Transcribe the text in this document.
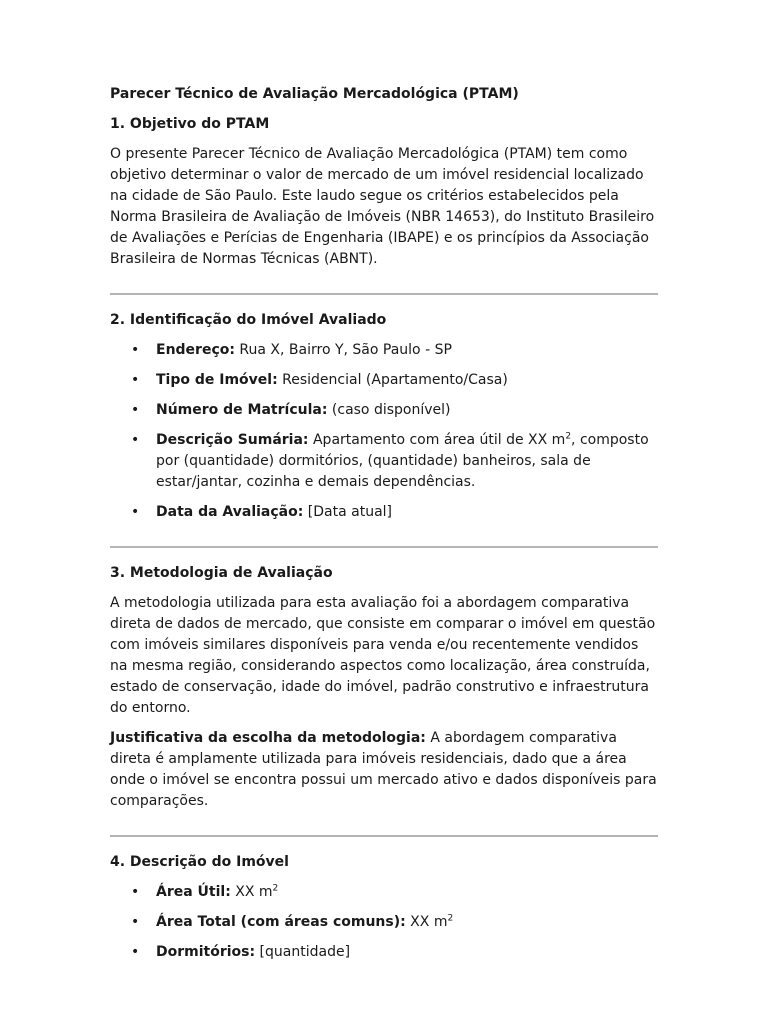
Parecer Técnico de Avaliação Mercadológica (PTAM)

1. Objetivo do PTAM

O presente Parecer Técnico de Avaliação Mercadológica (PTAM) tem como objetivo determinar o valor de mercado de um imóvel residencial localizado na cidade de São Paulo. Este laudo segue os critérios estabelecidos pela Norma Brasileira de Avaliação de Imóveis (NBR 14653), do Instituto Brasileiro de Avaliações e Perícias de Engenharia (IBAPE) e os princípios da Associação Brasileira de Normas Técnicas (ABNT).

2. Identificação do Imóvel Avaliado

• Endereço: Rua X, Bairro Y, São Paulo - SP
• Tipo de Imóvel: Residencial (Apartamento/Casa)
• Número de Matrícula: (caso disponível)
• Descrição Sumária: Apartamento com área útil de XX $m^2$, composto por (quantidade) dormitórios, (quantidade) banheiros, sala de estar/jantar, cozinha e demais dependências.
• Data da Avaliação: [Data atual]

3. Metodologia de Avaliação

A metodologia utilizada para esta avaliação foi a abordagem comparativa direta de dados de mercado, que consiste em comparar o imóvel em questão com imóveis similares disponíveis para venda e/ou recentemente vendidos na mesma região, considerando aspectos como localização, área construída, estado de conservação, idade do imóvel, padrão construtivo e infraestrutura do entorno.

Justificativa da escolha da metodologia: A abordagem comparativa direta é amplamente utilizada para imóveis residenciais, dado que a área onde o imóvel se encontra possui um mercado ativo e dados disponíveis para comparações.

4. Descrição do Imóvel

• Área Útil: XX $m^2$
• Área Total (com áreas comuns): XX $m^2$
• Dormitórios: [quantidade]
